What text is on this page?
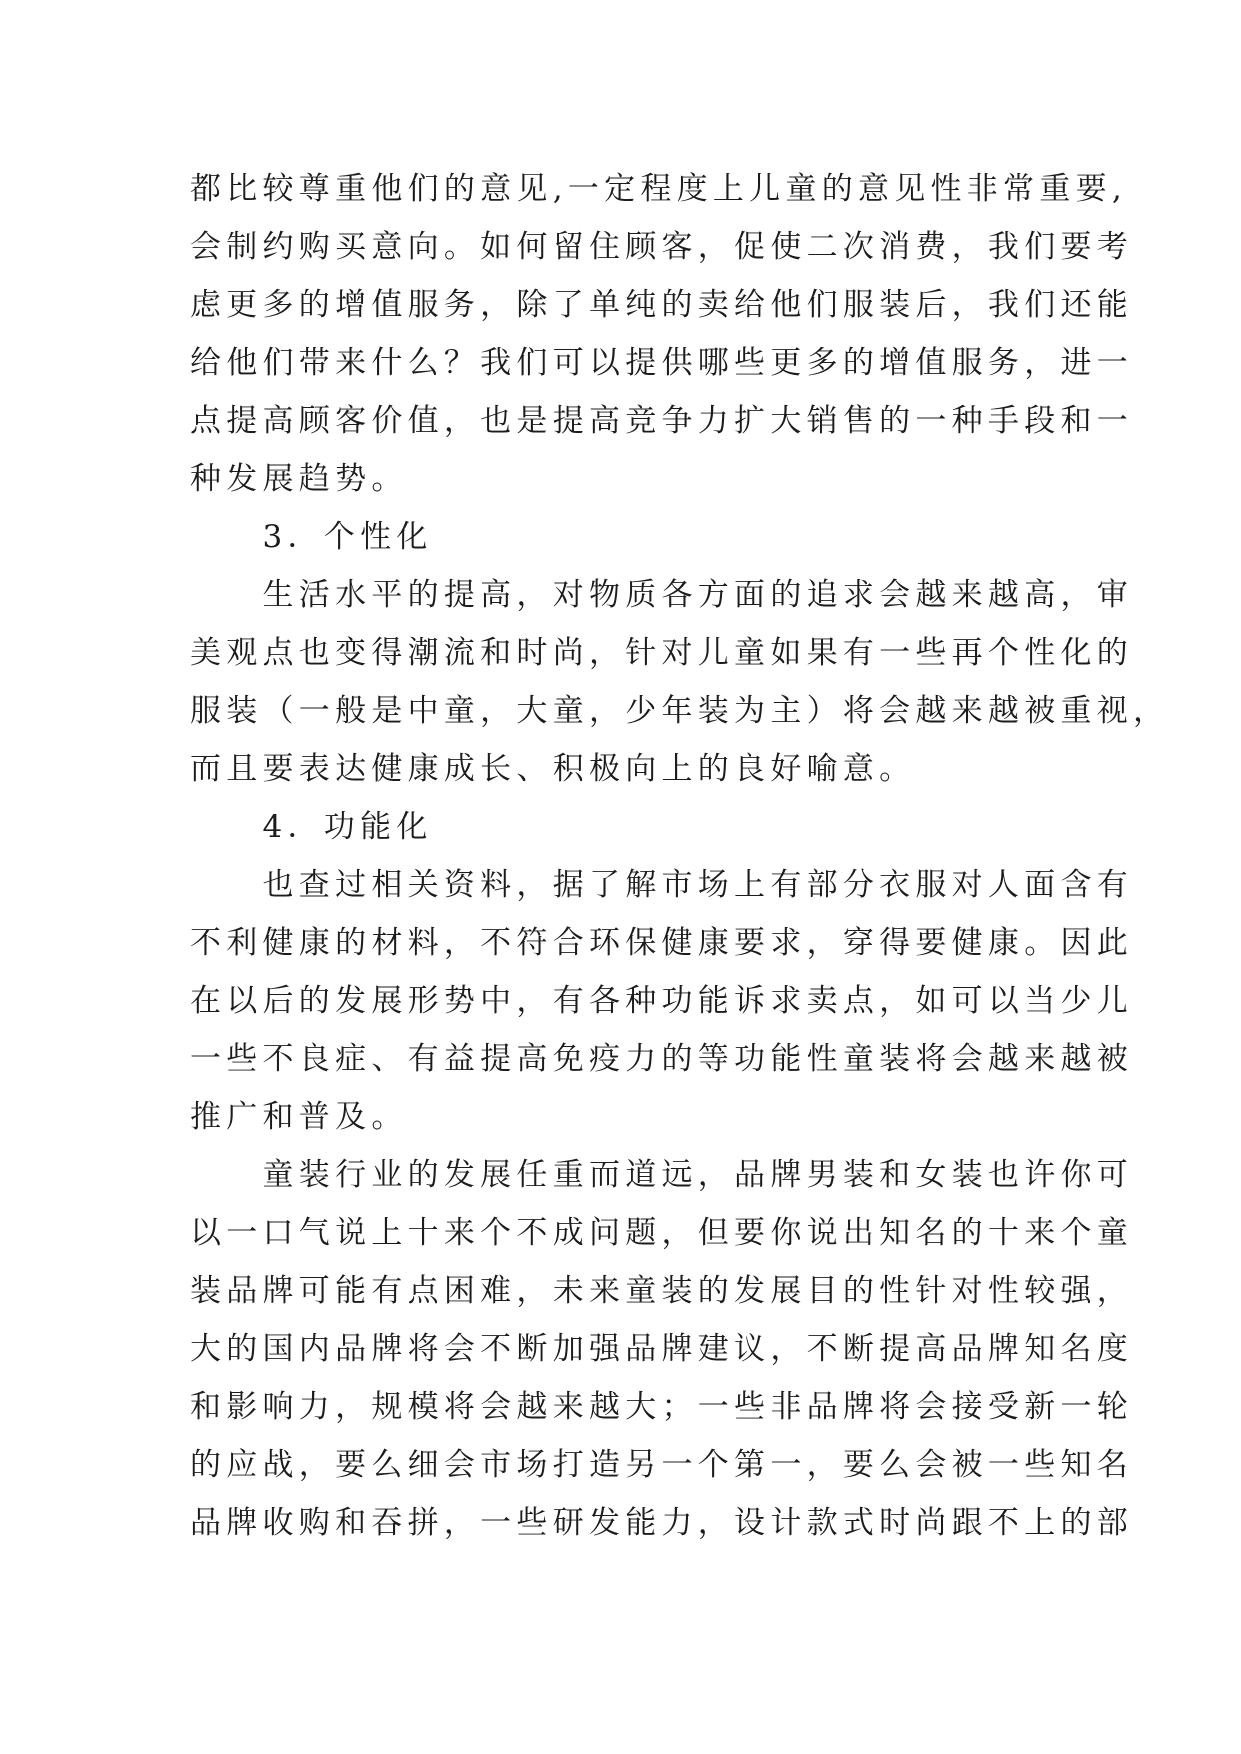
都比较尊重他们的意见,一定程度上儿童的意见性非常重要,
会制约购买意向。如何留住顾客，促使二次消费，我们要考
虑更多的增值服务，除了单纯的卖给他们服装后，我们还能
给他们带来什么？我们可以提供哪些更多的增值服务，进一
点提高顾客价值，也是提高竞争力扩大销售的一种手段和一
种发展趋势。
　　3．个性化
　　生活水平的提高，对物质各方面的追求会越来越高，审
美观点也变得潮流和时尚，针对儿童如果有一些再个性化的
服装（一般是中童，大童，少年装为主）将会越来越被重视，
而且要表达健康成长、积极向上的良好喻意。
　　4．功能化
　　也查过相关资料，据了解市场上有部分衣服对人面含有
不利健康的材料，不符合环保健康要求，穿得要健康。因此
在以后的发展形势中，有各种功能诉求卖点，如可以当少儿
一些不良症、有益提高免疫力的等功能性童装将会越来越被
推广和普及。
　　童装行业的发展任重而道远，品牌男装和女装也许你可
以一口气说上十来个不成问题，但要你说出知名的十来个童
装品牌可能有点困难，未来童装的发展目的性针对性较强，
大的国内品牌将会不断加强品牌建议，不断提高品牌知名度
和影响力，规模将会越来越大；一些非品牌将会接受新一轮
的应战，要么细会市场打造另一个第一，要么会被一些知名
品牌收购和吞拼，一些研发能力，设计款式时尚跟不上的部
